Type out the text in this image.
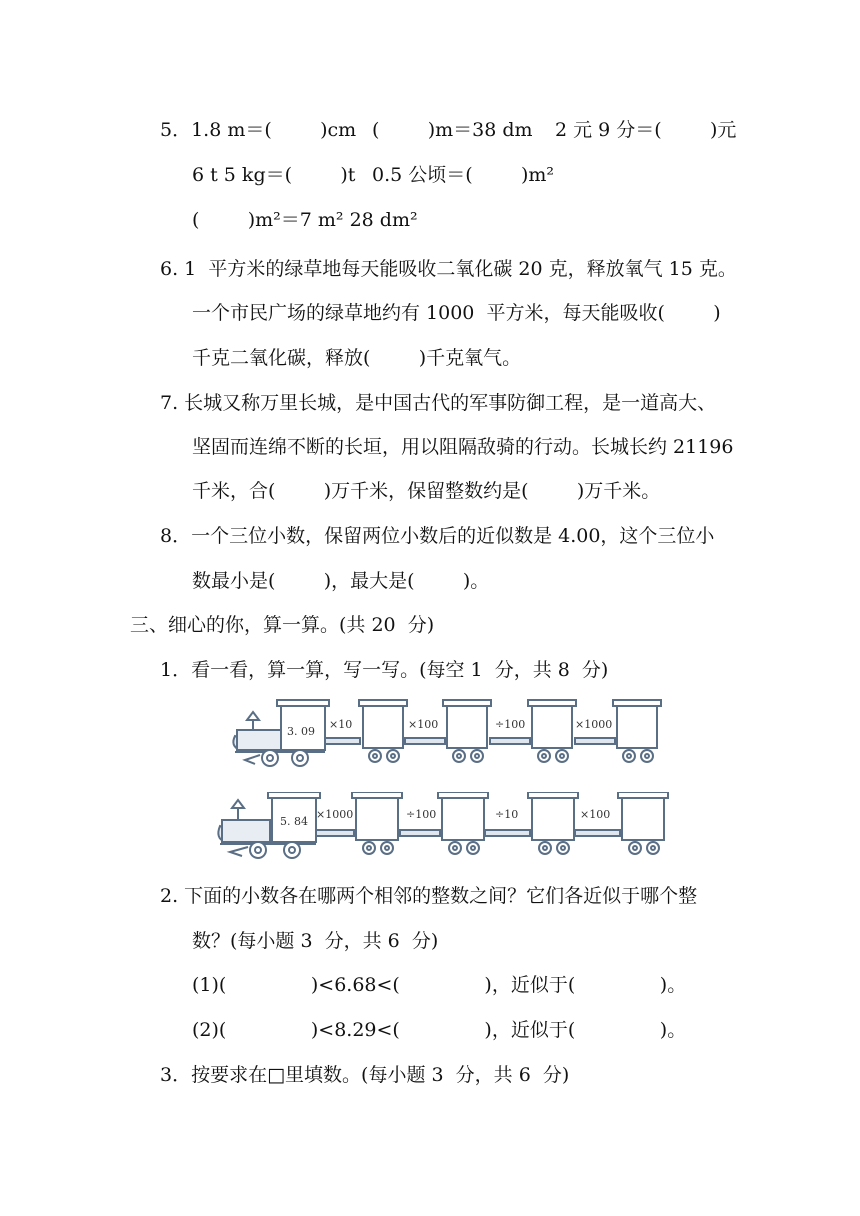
5．1.8 m＝(        )cm (        )m＝38 dm 2 元 9 分＝(        )元
6 t 5 kg＝(        )t 0.5 公顷＝(        )m²
(        )m²＝7 m² 28 dm²
6. 1  平方米的绿草地每天能吸收二氧化碳 20 克，释放氧气 15 克。
一个市民广场的绿草地约有 1000  平方米，每天能吸收(        )
千克二氧化碳，释放(        )千克氧气。
7. 长城又称万里长城，是中国古代的军事防御工程，是一道高大、
坚固而连绵不断的长垣，用以阻隔敌骑的行动。长城长约 21196
千米，合(        )万千米，保留整数约是(        )万千米。
8．一个三位小数，保留两位小数后的近似数是 4.00，这个三位小
数最小是(        )，最大是(        )。
三、细心的你，算一算。(共 20  分)
1．看一看，算一算，写一写。(每空 1  分，共 8  分)
3. 09
×10	×100	÷100	×1000
5. 84
×1000	÷100	÷10	×100
2. 下面的小数各在哪两个相邻的整数之间？它们各近似于哪个整
数？(每小题 3  分，共 6  分)
(1)(              )<6.68<(              )，近似于(              )。
(2)(              )<8.29<(              )，近似于(              )。
3．按要求在□里填数。(每小题 3  分，共 6  分)
